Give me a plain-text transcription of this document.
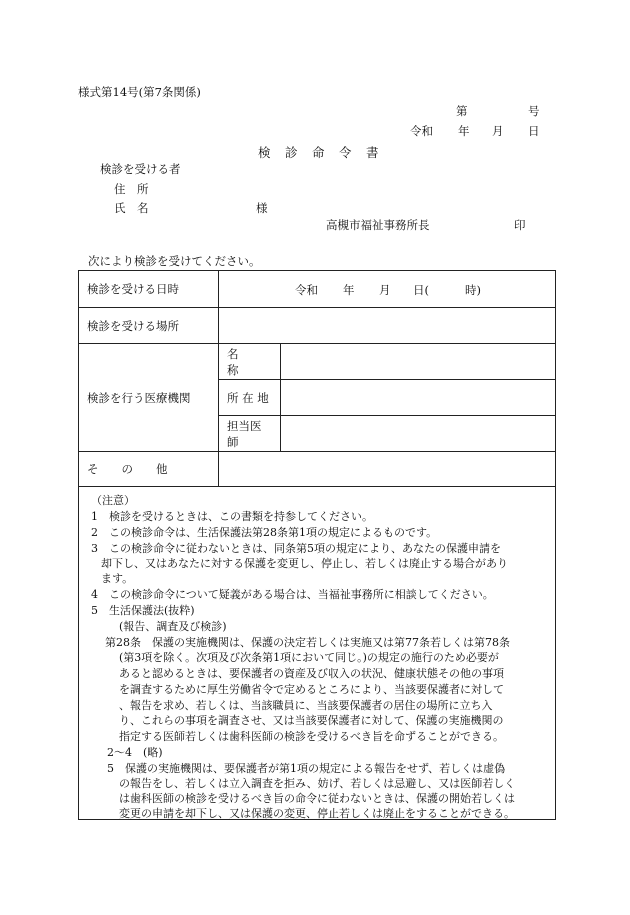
様式第14号(第7条関係)
第	号
令和 年 月 日
検　診　命　令　書
検診を受ける者
住　所
氏　名	様
高槻市福祉事務所長	印
次により検診を受けてください。
検診を受ける日時	令和 年 月 日( 時)	

検診を受ける場所		
検診を行う医療機関	名　　称	
	所 在 地	
	担当医師	
そ　　の　　他		
（注意）
1　検診を受けるときは、この書類を持参してください。
2　この検診命令は、生活保護法第28条第1項の規定によるものです。
3　この検診命令に従わないときは、同条第5項の規定により、あなたの保護申請を
却下し、又はあなたに対する保護を変更し、停止し、若しくは廃止する場合があり
ます。
4　この検診命令について疑義がある場合は、当福祉事務所に相談してください。
5　生活保護法(抜粋)
(報告、調査及び検診)
第28条　保護の実施機関は、保護の決定若しくは実施又は第77条若しくは第78条
(第3項を除く。次項及び次条第1項において同じ。)の規定の施行のため必要が
あると認めるときは、要保護者の資産及び収入の状況、健康状態その他の事項
を調査するために厚生労働省令で定めるところにより、当該要保護者に対して
、報告を求め、若しくは、当該職員に、当該要保護者の居住の場所に立ち入
り、これらの事項を調査させ、又は当該要保護者に対して、保護の実施機関の
指定する医師若しくは歯科医師の検診を受けるべき旨を命ずることができる。
2〜4　(略)
5　保護の実施機関は、要保護者が第1項の規定による報告をせず、若しくは虚偽
の報告をし、若しくは立入調査を拒み、妨げ、若しくは忌避し、又は医師若しく
は歯科医師の検診を受けるべき旨の命令に従わないときは、保護の開始若しくは
変更の申請を却下し、又は保護の変更、停止若しくは廃止をすることができる。
